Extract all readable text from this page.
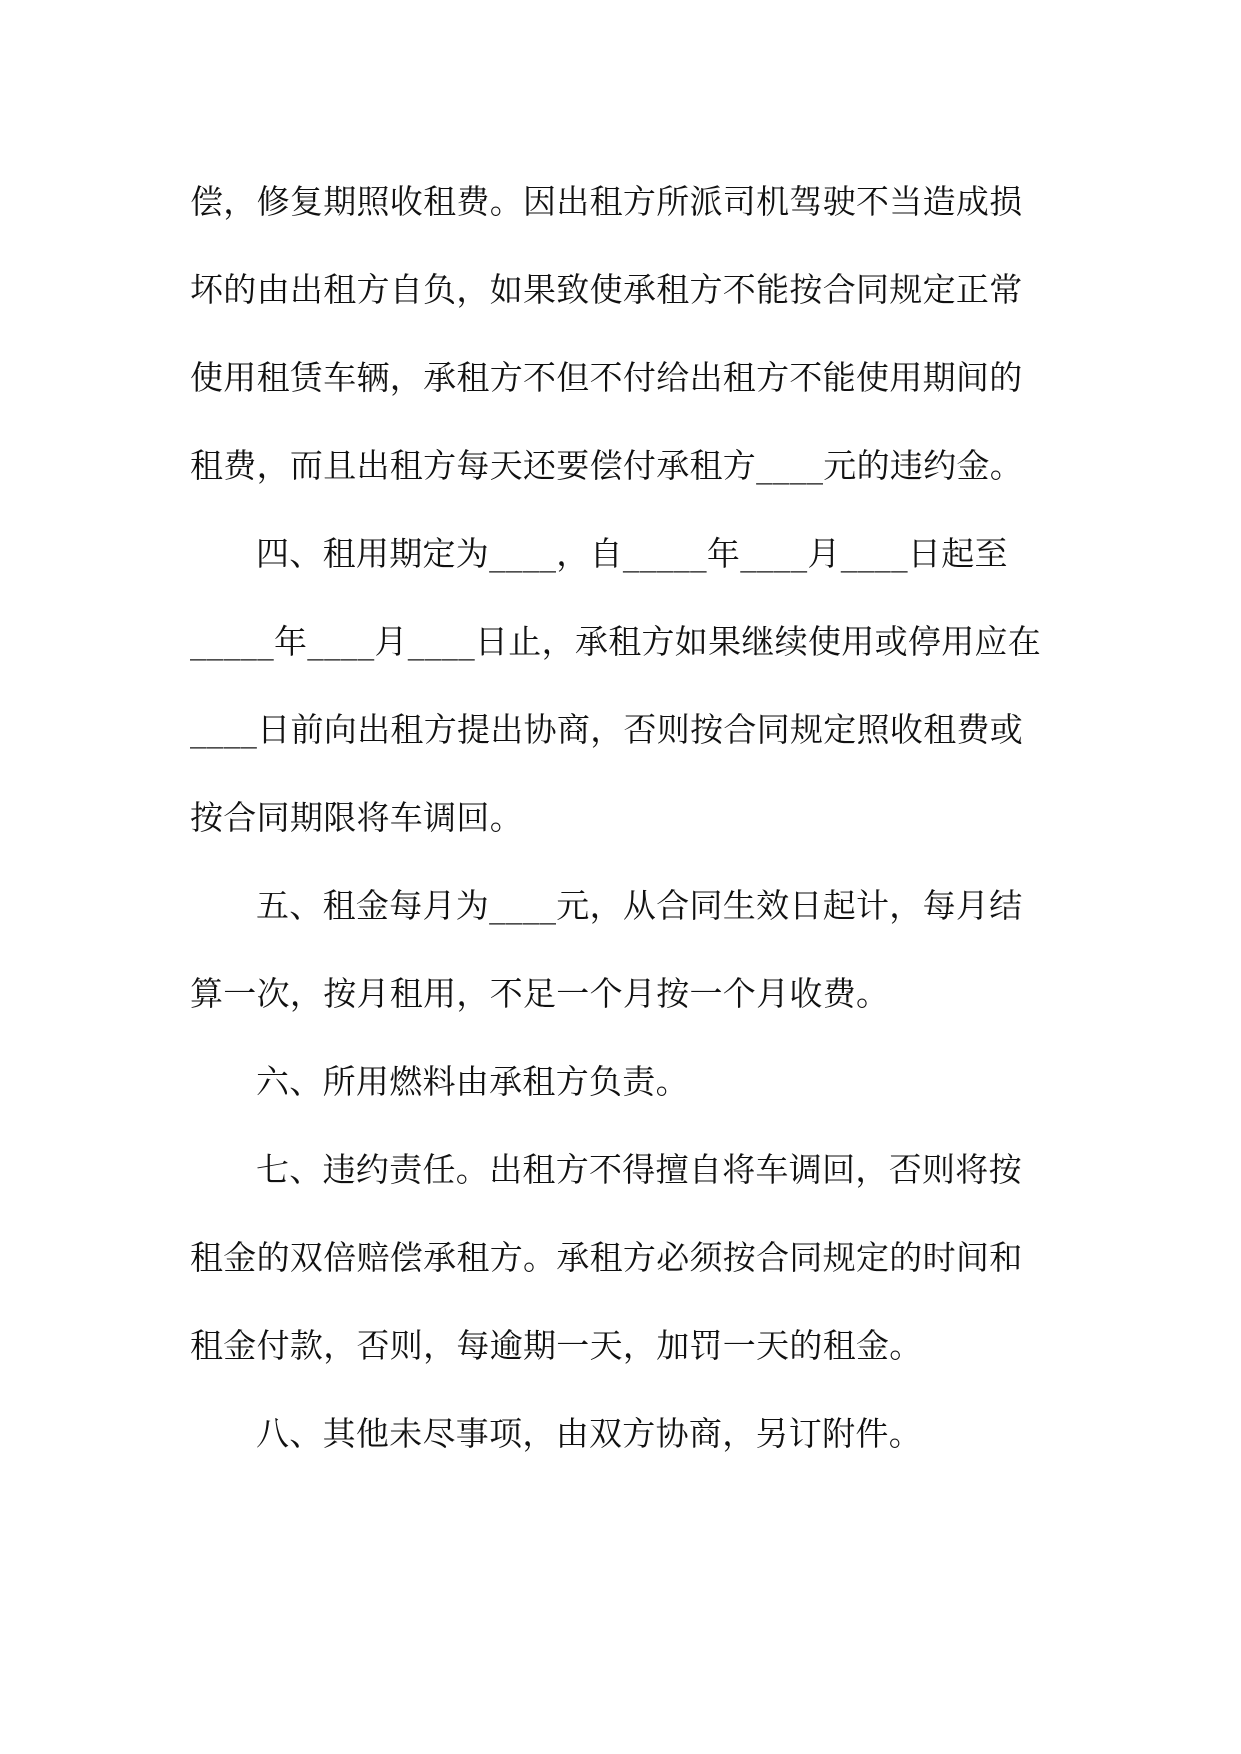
偿，修复期照收租费。因出租方所派司机驾驶不当造成损
坏的由出租方自负，如果致使承租方不能按合同规定正常
使用租赁车辆，承租方不但不付给出租方不能使用期间的
租费，而且出租方每天还要偿付承租方____元的违约金。
四、租用期定为____，自_____年____月____日起至
_____年____月____日止，承租方如果继续使用或停用应在
____日前向出租方提出协商，否则按合同规定照收租费或
按合同期限将车调回。
五、租金每月为____元，从合同生效日起计，每月结
算一次，按月租用，不足一个月按一个月收费。
六、所用燃料由承租方负责。
七、违约责任。出租方不得擅自将车调回，否则将按
租金的双倍赔偿承租方。承租方必须按合同规定的时间和
租金付款，否则，每逾期一天，加罚一天的租金。
八、其他未尽事项，由双方协商，另订附件。
